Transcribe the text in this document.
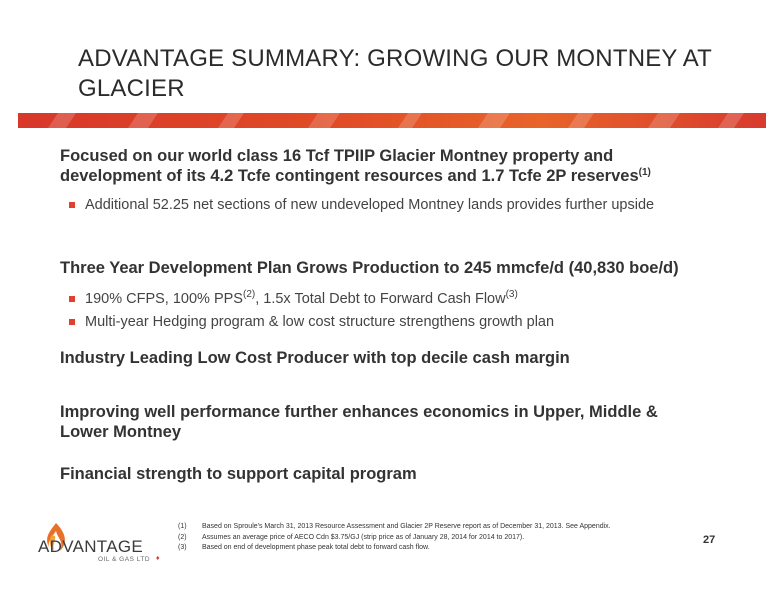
ADVANTAGE SUMMARY: GROWING OUR MONTNEY AT GLACIER
Focused on our world class 16 Tcf TPIIP Glacier Montney property and development of its 4.2 Tcfe contingent resources and 1.7 Tcfe 2P reserves$^{(1)}$
Additional 52.25 net sections of new undeveloped Montney lands provides further upside
Three Year Development Plan Grows Production to 245 mmcfe/d (40,830 boe/d)
190% CFPS, 100% PPS$^{(2)}$, 1.5x Total Debt to Forward Cash Flow$^{(3)}$
Multi-year Hedging program & low cost structure strengthens growth plan
Industry Leading Low Cost Producer with top decile cash margin
Improving well performance further enhances economics in Upper, Middle & Lower Montney
Financial strength to support capital program
ADVANTAGE
OIL & GAS LTD ♦
(1)	Based on Sproule's March 31, 2013 Resource Assessment and Glacier 2P Reserve report as of December 31, 2013. See Appendix.
(2)	Assumes an average price of AECO Cdn $3.75/GJ (strip price as of January 28, 2014 for 2014 to 2017).
(3)	Based on end of development phase peak total debt to forward cash flow.
27
